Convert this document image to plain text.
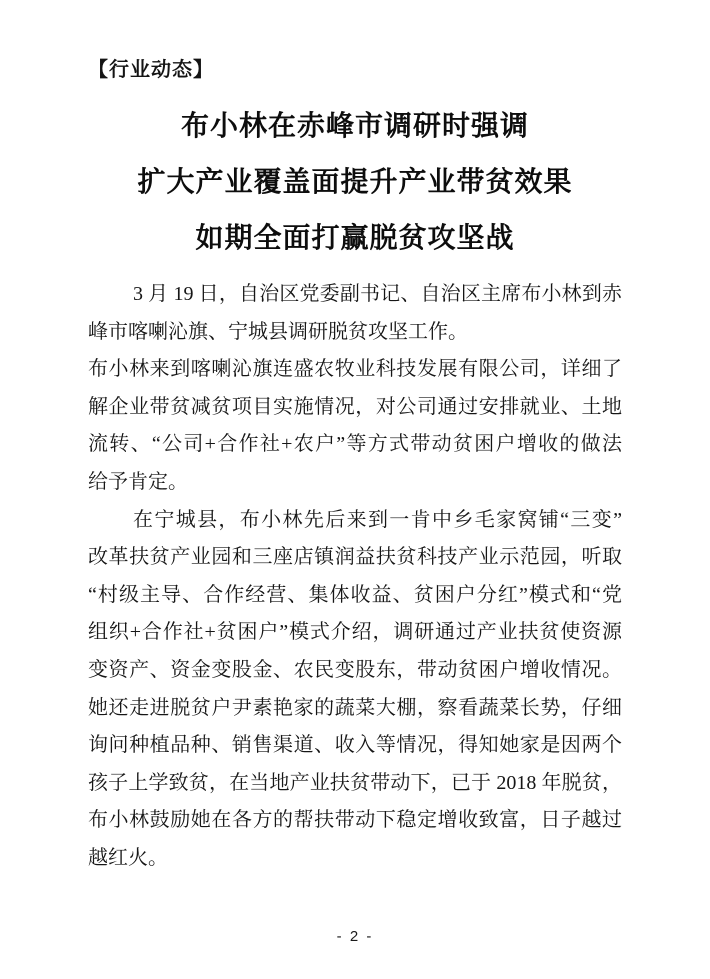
【行业动态】
布小林在赤峰市调研时强调
扩大产业覆盖面提升产业带贫效果
如期全面打赢脱贫攻坚战
3 月 19 日，自治区党委副书记、自治区主席布小林到赤
峰市喀喇沁旗、宁城县调研脱贫攻坚工作。
布小林来到喀喇沁旗连盛农牧业科技发展有限公司，详细了
解企业带贫减贫项目实施情况，对公司通过安排就业、土地
流转、“公司+合作社+农户”等方式带动贫困户增收的做法
给予肯定。
在宁城县，布小林先后来到一肯中乡毛家窝铺“三变”
改革扶贫产业园和三座店镇润益扶贫科技产业示范园，听取
“村级主导、合作经营、集体收益、贫困户分红”模式和“党
组织+合作社+贫困户”模式介绍，调研通过产业扶贫使资源
变资产、资金变股金、农民变股东，带动贫困户增收情况。
她还走进脱贫户尹素艳家的蔬菜大棚，察看蔬菜长势，仔细
询问种植品种、销售渠道、收入等情况，得知她家是因两个
孩子上学致贫，在当地产业扶贫带动下，已于 2018 年脱贫，
布小林鼓励她在各方的帮扶带动下稳定增收致富，日子越过
越红火。
- 2 -
